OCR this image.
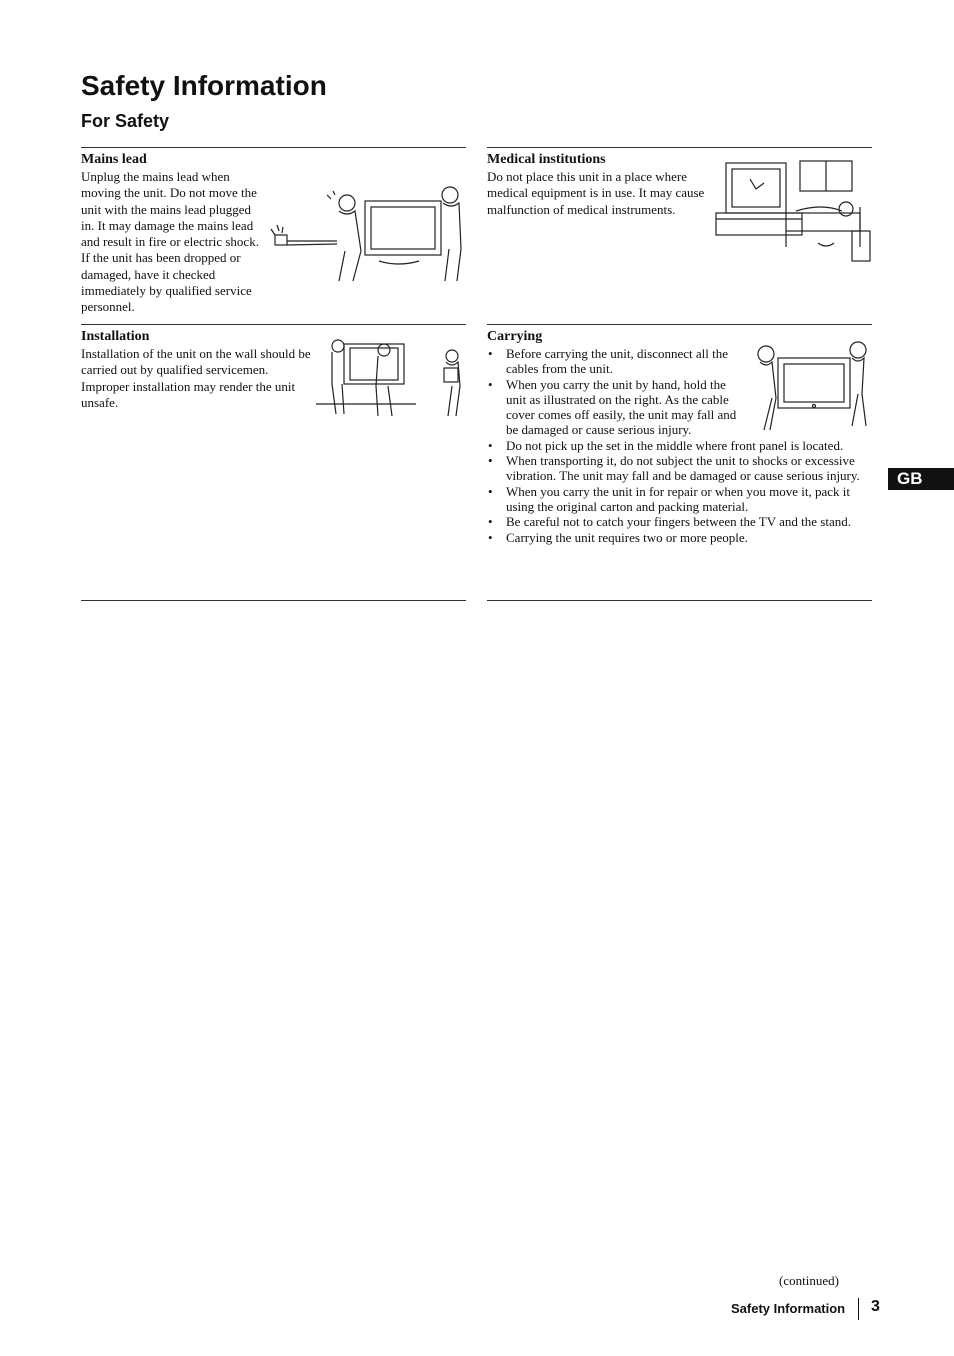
Safety Information
For Safety
Mains lead

Unplug the mains lead when moving the unit. Do not move the unit with the mains lead plugged in. It may damage the mains lead and result in fire or electric shock. If the unit has been dropped or damaged, have it checked immediately by qualified service personnel.

Medical institutions

Do not place this unit in a place where medical equipment is in use. It may cause malfunction of medical instruments.

Installation

Installation of the unit on the wall should be carried out by qualified servicemen. Improper installation may render the unit unsafe.

Carrying
• Before carrying the unit, disconnect all the cables from the unit.
• When you carry the unit by hand, hold the unit as illustrated on the right. As the cable cover comes off easily, the unit may fall and be damaged or cause serious injury.
• Do not pick up the set in the middle where front panel is located.
• When transporting it, do not subject the unit to shocks or excessive vibration. The unit may fall and be damaged or cause serious injury.
• When you carry the unit in for repair or when you move it, pack it using the original carton and packing material.
• Be careful not to catch your fingers between the TV and the stand.
• Carrying the unit requires two or more people.
GB
(continued)
Safety Information 3
